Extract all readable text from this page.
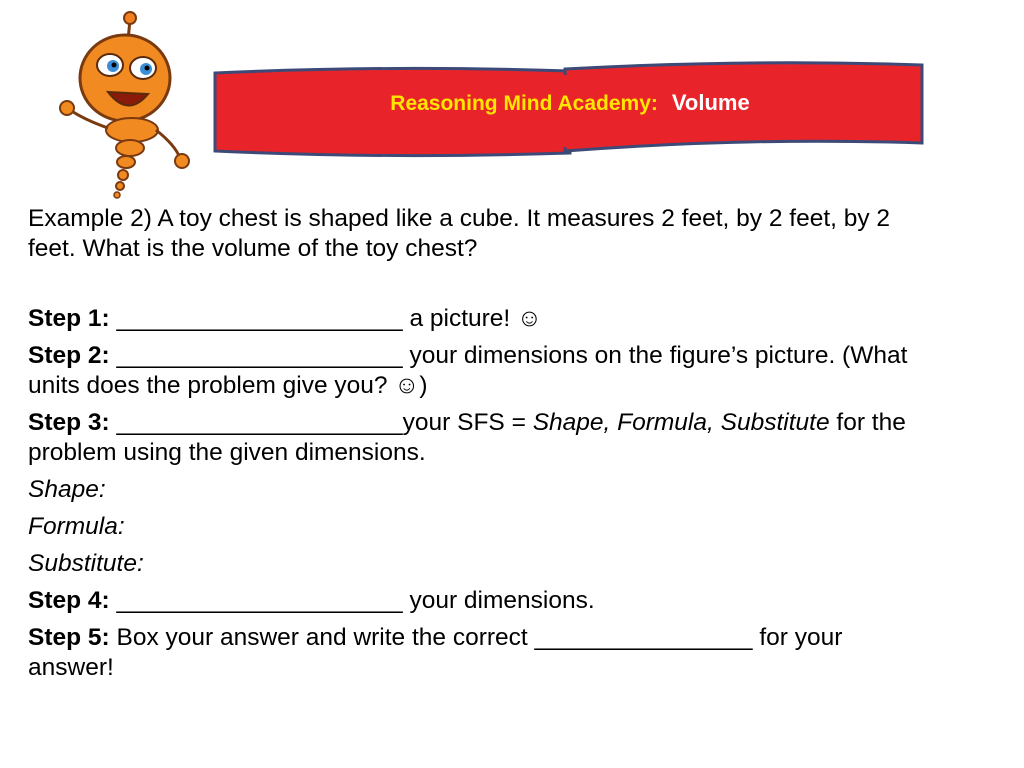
Reasoning Mind Academy: Volume

Example 2) A toy chest is shaped like a cube. It measures 2 feet, by 2 feet, by 2 feet. What is the volume of the toy chest?

Step 1: _____________________ a picture! ☺

Step 2: _____________________ your dimensions on the figure’s picture. (What units does the problem give you? ☺)

Step 3: _____________________your SFS = Shape, Formula, Substitute for the problem using the given dimensions.

Shape:

Formula:

Substitute:

Step 4: _____________________ your dimensions.

Step 5: Box your answer and write the correct ________________ for your answer!
